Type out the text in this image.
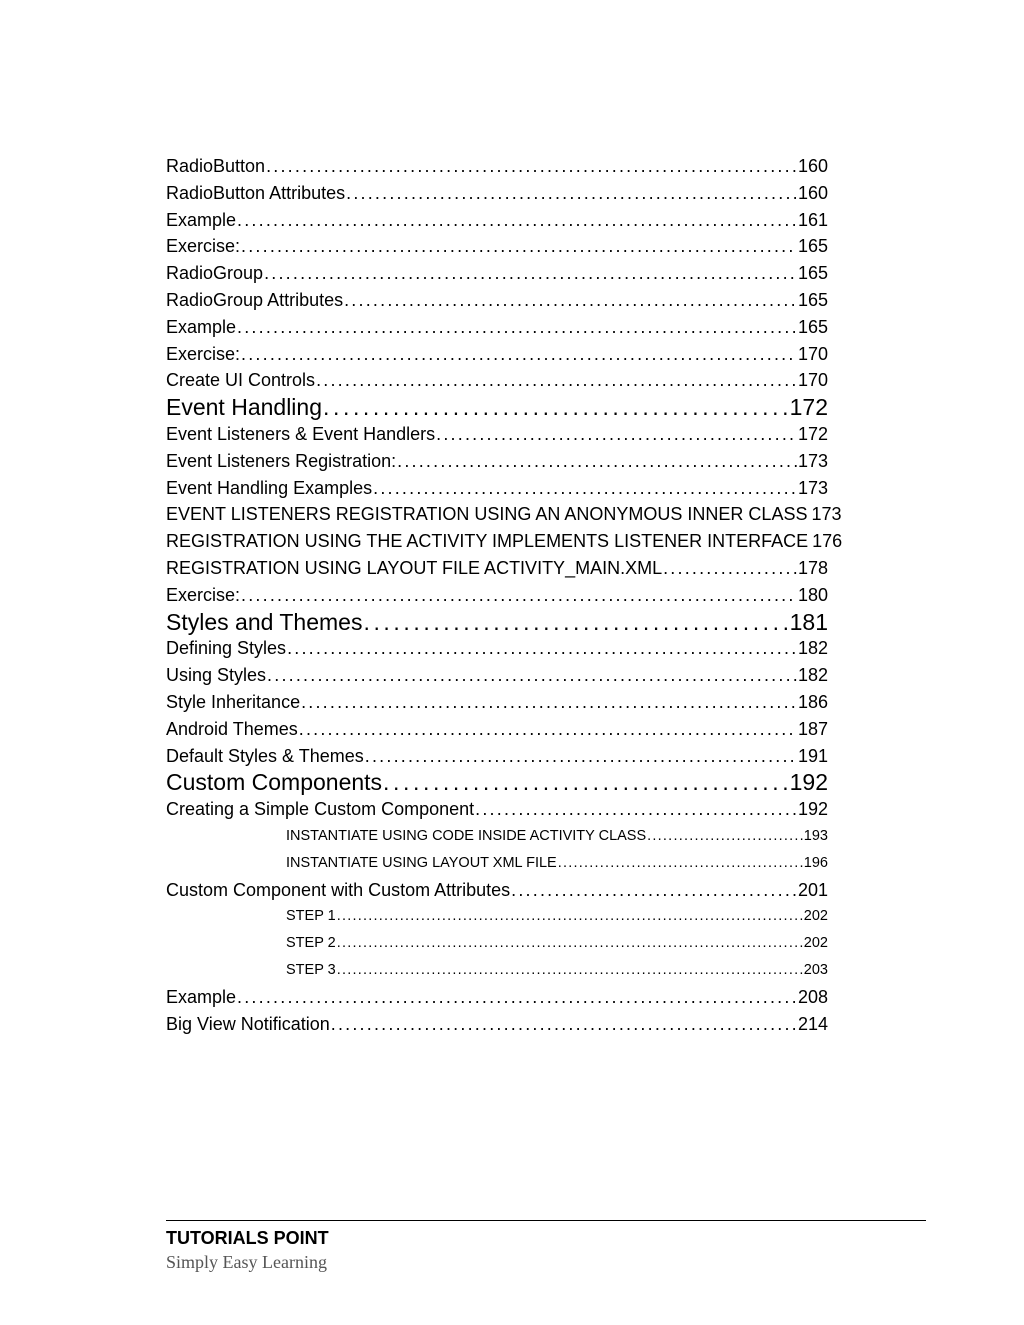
RadioButton . . .	160
RadioButton Attributes . . .	160
Example . . .	161
Exercise: . . .	165
RadioGroup . . .	165
RadioGroup Attributes . . .	165
Example . . .	165
Exercise: . . .	170
Create UI Controls . . .	170
Event Handling . . .	172
Event Listeners & Event Handlers . . .	172
Event Listeners Registration: . . .	173
Event Handling Examples . . .	173
EVENT LISTENERS REGISTRATION USING AN ANONYMOUS INNER CLASS 173
REGISTRATION USING THE ACTIVITY IMPLEMENTS LISTENER INTERFACE 176
REGISTRATION USING LAYOUT FILE ACTIVITY_MAIN.XML . . .	178
Exercise: . . .	180
Styles and Themes . . .	181
Defining Styles . . .	182
Using Styles . . .	182
Style Inheritance . . .	186
Android Themes . . .	187
Default Styles & Themes . . .	191
Custom Components . . .	192
Creating a Simple Custom Component . . .	192
INSTANTIATE USING CODE INSIDE ACTIVITY CLASS . . .	193
INSTANTIATE USING LAYOUT XML FILE . . .	196
Custom Component with Custom Attributes . . .	201
STEP 1 . . .	202
STEP 2 . . .	202
STEP 3 . . .	203
Example . . .	208
Big View Notification . . .	214
TUTORIALS POINT
Simply Easy Learning
